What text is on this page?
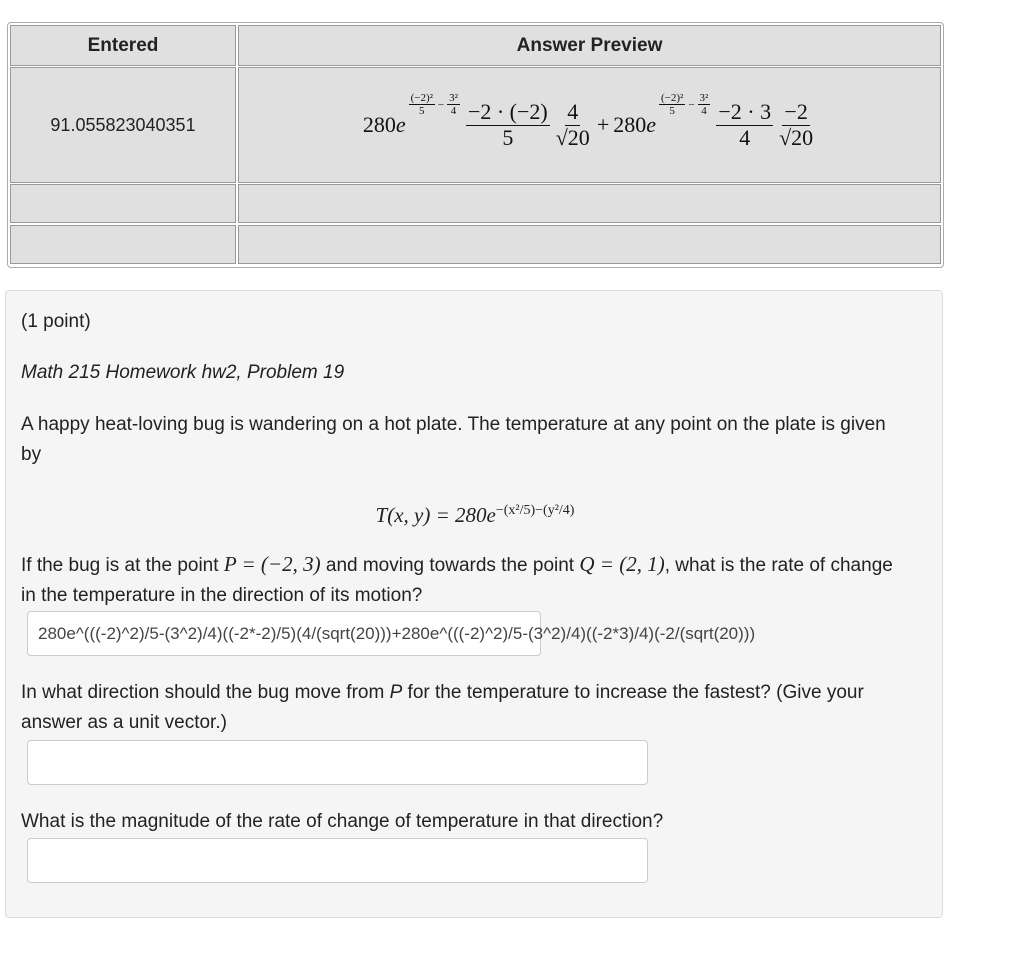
Entered	Answer Preview
91.055823040351	280 e
$\frac{\text{(−2)²}}{5} - \frac{\text{3²}}{4} \frac{-2 \cdot (-2)}{5} \frac{4}{√20} + 280$ e
$\frac{\text{(−2)²}}{5} - \frac{\text{3²}}{4} \frac{-2 \cdot 3}{4} \frac{-2}{√20}$
(1 point)
Math 215 Homework hw2, Problem 19
A happy heat-loving bug is wandering on a hot plate. The temperature at any point on the plate is given by
T(x, $y) = 280e^{-(x^2/5)-(y^2/4)}$
If the bug is at the point P = (−2, 3) and moving towards the point Q = (2, 1), what is the rate of change in the temperature in the direction of its motion?
280e^(((-2)^2)/5-(3^2)/4)((-2*-2)/5)(4/(sqrt(20)))+280e^(((-2)^2)/5-(3^2)/4)((-2*3)/4)(-2/(sqrt(20)))
In what direction should the bug move from P for the temperature to increase the fastest? (Give your answer as a unit vector.)
What is the magnitude of the rate of change of temperature in that direction?
